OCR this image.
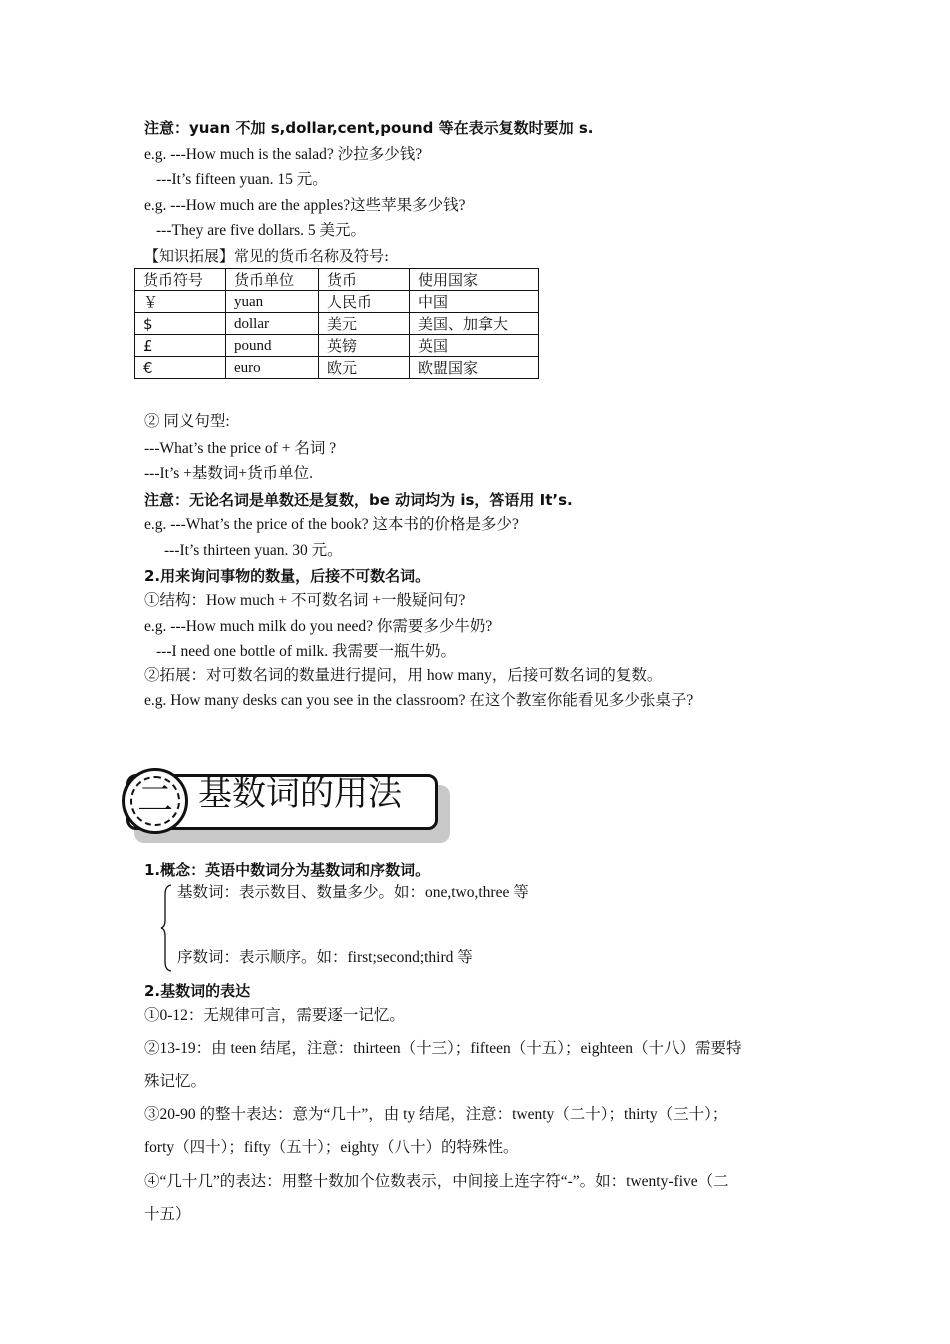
注意：yuan 不加 s,dollar,cent,pound 等在表示复数时要加 s.
e.g. ---How much is the salad? 沙拉多少钱?
---It’s fifteen yuan. 15 元。
e.g. ---How much are the apples?这些苹果多少钱?
---They are five dollars. 5 美元。
【知识拓展】常见的货币名称及符号:
货币符号	货币单位	货币	使用国家
￥	yuan	人民币	中国
$	dollar	美元	美国、加拿大
£	pound	英镑	英国
€	euro	欧元	欧盟国家
② 同义句型:
---What’s the price of + 名词 ?
---It’s +基数词+货币单位.
注意：无论名词是单数还是复数，be 动词均为 is，答语用 It’s.
e.g. ---What’s the price of the book? 这本书的价格是多少?
---It’s thirteen yuan. 30 元。
2.用来询问事物的数量，后接不可数名词。
①结构：How much + 不可数名词 +一般疑问句?
e.g. ---How much milk do you need? 你需要多少牛奶?
---I need one bottle of milk. 我需要一瓶牛奶。
②拓展：对可数名词的数量进行提问，用 how many，后接可数名词的复数。
e.g. How many desks can you see in the classroom? 在这个教室你能看见多少张桌子?
二 基数词的用法
1.概念：英语中数词分为基数词和序数词。
基数词：表示数目、数量多少。如：one,two,three 等
序数词：表示顺序。如：first;second;third 等
2.基数词的表达
①0-12：无规律可言，需要逐一记忆。
②13-19：由 teen 结尾，注意：thirteen（十三）；fifteen（十五）；eighteen（十八）需要特
殊记忆。
③20-90 的整十表达：意为“几十”，由 ty 结尾，注意：twenty（二十）；thirty（三十）；
forty（四十）；fifty（五十）；eighty（八十）的特殊性。
④“几十几”的表达：用整十数加个位数表示，中间接上连字符“-”。如：twenty-five（二
十五）
